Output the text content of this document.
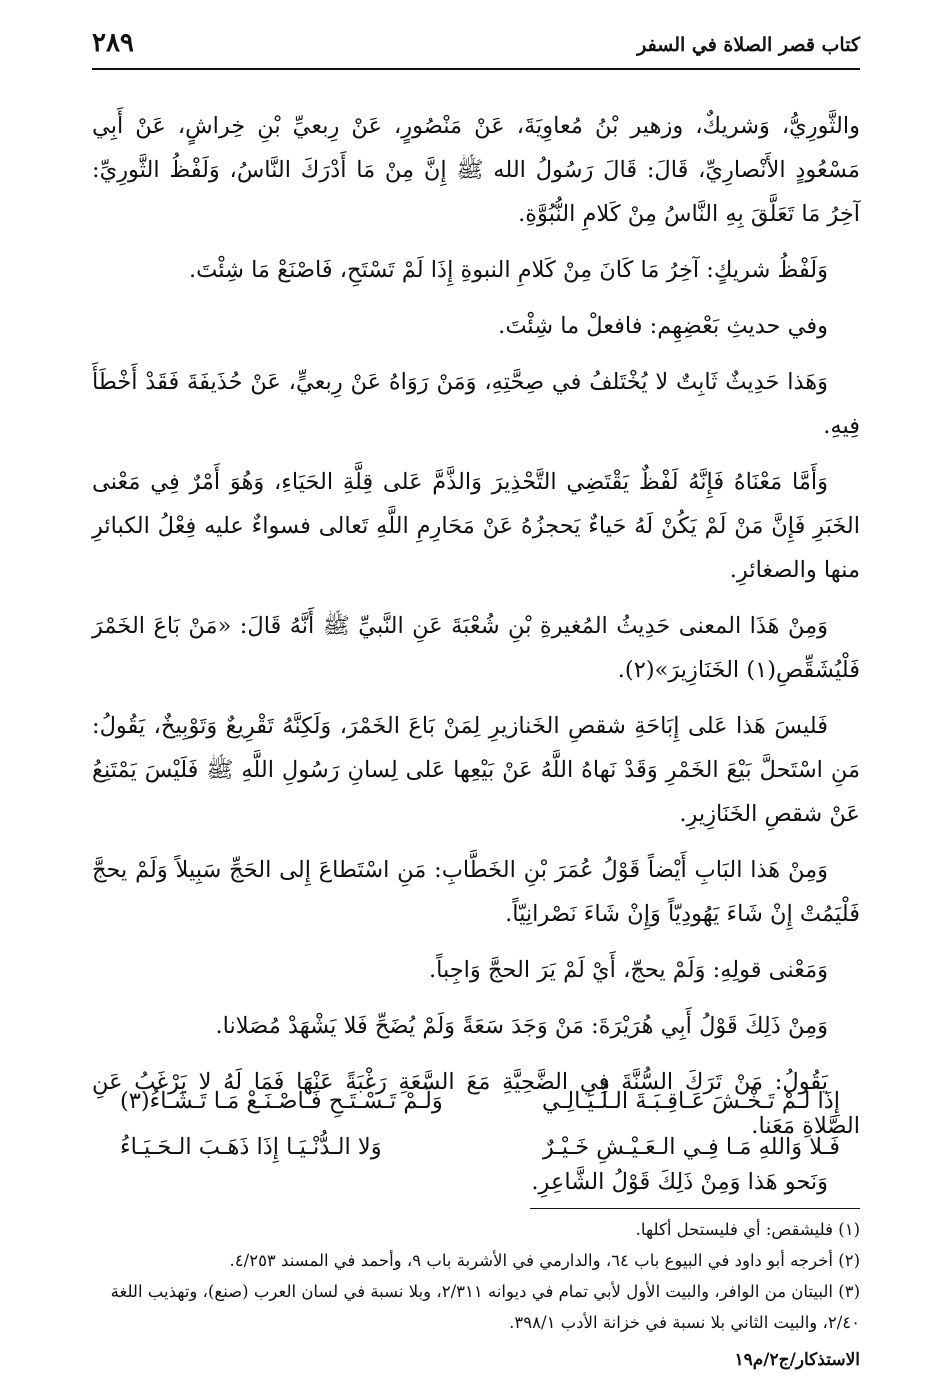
كتاب قصر الصلاة في السفر
٢٨٩

والثَّورِيُّ، وَشريكٌ، وزهير بْنُ مُعاوِيَةَ، عَنْ مَنْصُورٍ، عَنْ رِبعيِّ بْنِ خِراشٍ، عَنْ أَبِي مَسْعُودٍ الأَنْصارِيِّ، قَالَ: قَالَ رَسُولُ الله ﷺ إِنَّ مِنْ مَا أَدْرَكَ النَّاسُ، وَلَفْظُ الثَّورِيِّ: آخِرُ مَا تَعَلَّقَ بِهِ النَّاسُ مِنْ كَلامِ النُّبُوَّةِ.

وَلَفْظُ شريكٍ: آخِرُ مَا كَانَ مِنْ كَلامِ النبوةِ إِذَا لَمْ تَسْتَحِ، فَاصْنَعْ مَا شِئْتَ.

وفي حديثِ بَعْضِهِم: فافعلْ ما شِئْتَ.

وَهَذا حَدِيثٌ ثَابِتٌ لا يُخْتَلفُ في صِحَّتِهِ، وَمَنْ رَوَاهُ عَنْ رِبعيٍّ، عَنْ حُذَيفَةَ فَقَدْ أَخْطَأَ فِيهِ.

وَأَمَّا مَعْنَاهُ فَإِنَّهُ لَفْظٌ يَقْتَضِي التَّحْذِيرَ وَالذَّمَّ عَلى قِلَّةِ الحَيَاءِ، وَهُوَ أَمْرٌ فِي مَعْنى الخَبَرِ فَإِنَّ مَنْ لَمْ يَكُنْ لَهُ حَياءٌ يَحجزُهُ عَنْ مَحَارِمِ اللَّهِ تَعالى فسواءٌ عليه فِعْلُ الكبائرِ منها والصغائرِ.

وَمِنْ هَذَا المعنى حَدِيثُ المُغيرةِ بْنِ شُعْبَةَ عَنِ النَّبيِّ ﷺ أَنَّهُ قَالَ: «مَنْ بَاعَ الخَمْرَ فَلْيُشَقِّصِ(١) الخَنَازِيرَ»(٢).

فَليسَ هَذا عَلى إِبَاحَةِ شقصِ الخَنازيرِ لِمَنْ بَاعَ الخَمْرَ، وَلَكِنَّهُ تَقْرِيعٌ وَتَوْبِيخٌ، يَقُولُ: مَنِ اسْتَحلَّ بَيْعَ الخَمْرِ وَقَدْ نَهاهُ اللَّهُ عَنْ بَيْعِها عَلى لِسانِ رَسُولِ اللَّهِ ﷺ فَلَيْسَ يَمْتَنِعُ عَنْ شقصِ الخَنَازِيرِ.

وَمِنْ هَذا البَابِ أَيْضاً قَوْلُ عُمَرَ بْنِ الخَطَّابِ: مَنِ اسْتَطاعَ إِلى الحَجِّ سَبِيلاً وَلَمْ يحجَّ فَلْيَمُتْ إِنْ شَاءَ يَهُودِيّاً وَإِنْ شَاءَ نَصْرانِيّاً.

وَمَعْنى قولِهِ: وَلَمْ يحجّ، أَيْ لَمْ يَرَ الحجَّ وَاجِباً.

وَمِنْ ذَلِكَ قَوْلُ أَبِي هُرَيْرَةَ: مَنْ وَجَدَ سَعَةً وَلَمْ يُضَحِّ فَلا يَشْهَدْ مُصَلانا.

يَقُولُ: مَنْ تَرَكَ السُّنَّةَ فِي الضَّحِيَّةِ مَعَ السَّعَةِ رَغْبَةً عَنْهَا فَمَا لَهُ لا يَرْغَبُ عَنِ الصَّلاةِ مَعَنا.

وَنَحو هَذا وَمِنْ ذَلِكَ قَوْلُ الشَّاعِرِ.

إِذَا لَـمْ تَـخْـشَ عَـاقِـبَـةَ الـلَّـيَـالِـي
وَلَـمْ تَـسْـتَـحِ فَـاصْـنَـعْ مَـا تَـشَـاءُ(٣)
فَـلا وَاللهِ مَـا فِـي الـعَـيْـشِ خَـيْـرٌ
وَلا الـدُّنْـيَـا إِذَا ذَهَـبَ الـحَـيَـاءُ

(١) فليشقص: أي فليستحل أكلها.

(٢) أخرجه أبو داود في البيوع باب ٦٤، والدارمي في الأشربة باب ٩، وأحمد في المسند ٤/٢٥٣.

(٣) البيتان من الوافر، والبيت الأول لأبي تمام في ديوانه ٢/٣١١، وبلا نسبة في لسان العرب (صنع)، وتهذيب اللغة ٢/٤٠، والبيت الثاني بلا نسبة في خزانة الأدب ٣٩٨/١.

الاستذكار/ج٢/م١٩
